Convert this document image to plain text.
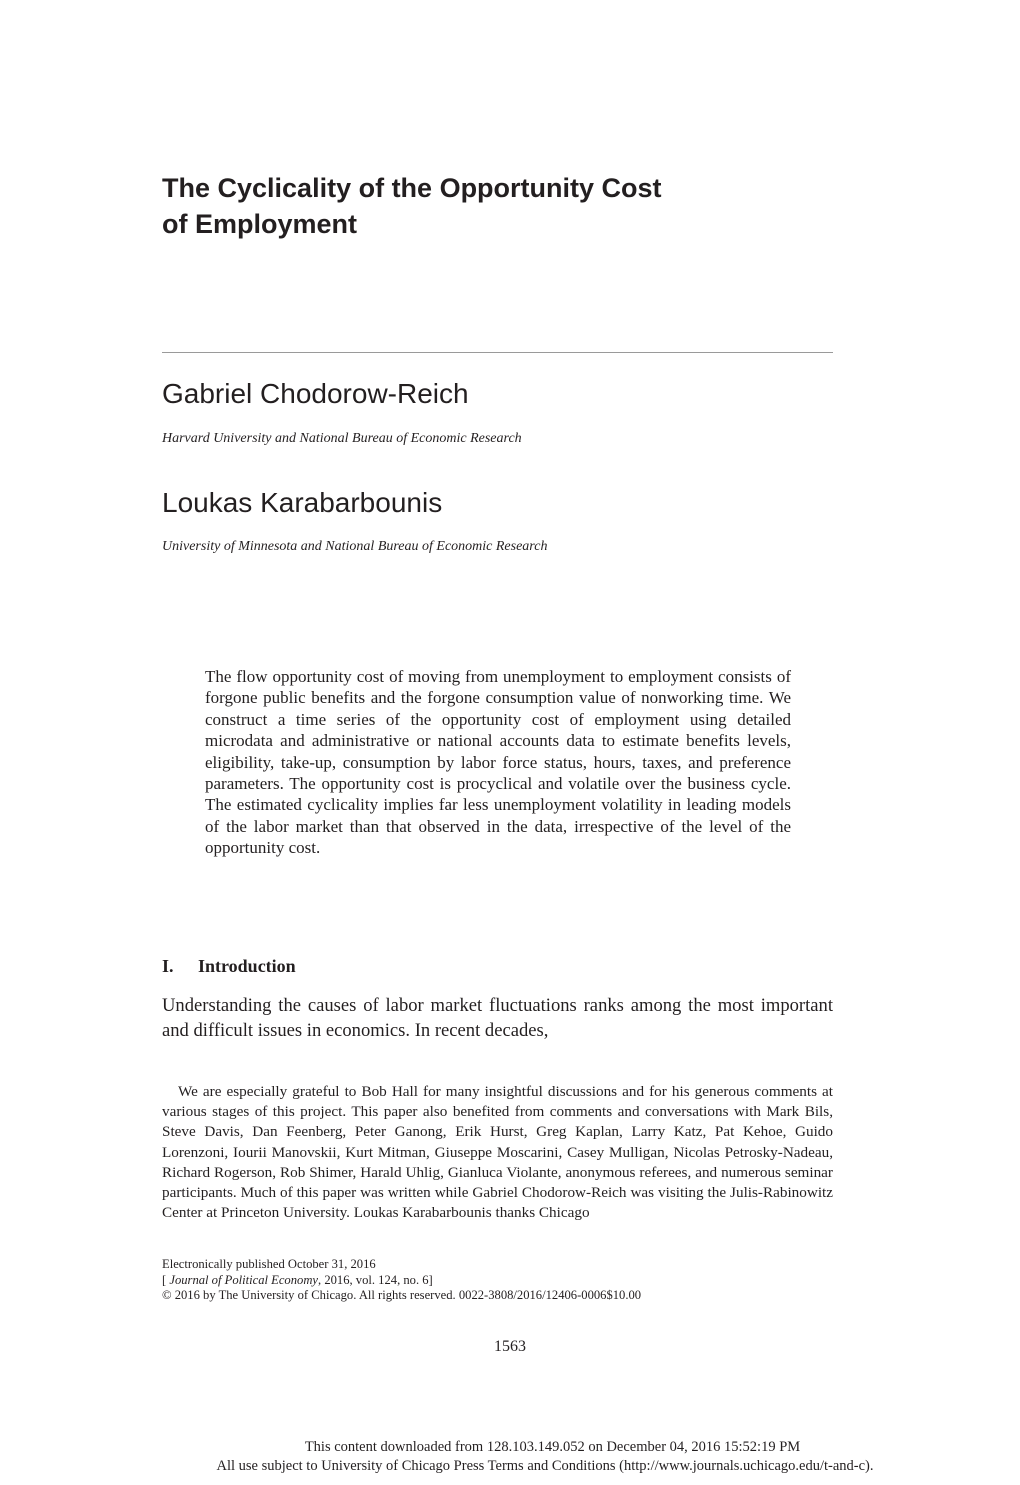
The Cyclicality of the Opportunity Cost
of Employment
Gabriel Chodorow-Reich
Harvard University and National Bureau of Economic Research
Loukas Karabarbounis
University of Minnesota and National Bureau of Economic Research

The flow opportunity cost of moving from unemployment to employment consists of forgone public benefits and the forgone consumption value of nonworking time. We construct a time series of the opportunity cost of employment using detailed microdata and administrative or national accounts data to estimate benefits levels, eligibility, take-up, consumption by labor force status, hours, taxes, and preference parameters. The opportunity cost is procyclical and volatile over the business cycle. The estimated cyclicality implies far less unemployment volatility in leading models of the labor market than that observed in the data, irrespective of the level of the opportunity cost.

I. Introduction

Understanding the causes of labor market fluctuations ranks among the most important and difficult issues in economics. In recent decades,

We are especially grateful to Bob Hall for many insightful discussions and for his generous comments at various stages of this project. This paper also benefited from comments and conversations with Mark Bils, Steve Davis, Dan Feenberg, Peter Ganong, Erik Hurst, Greg Kaplan, Larry Katz, Pat Kehoe, Guido Lorenzoni, Iourii Manovskii, Kurt Mitman, Giuseppe Moscarini, Casey Mulligan, Nicolas Petrosky-Nadeau, Richard Rogerson, Rob Shimer, Harald Uhlig, Gianluca Violante, anonymous referees, and numerous seminar participants. Much of this paper was written while Gabriel Chodorow-Reich was visiting the Julis-Rabinowitz Center at Princeton University. Loukas Karabarbounis thanks Chicago

Electronically published October 31, 2016
[ Journal of Political Economy, 2016, vol. 124, no. 6]
© 2016 by The University of Chicago. All rights reserved. 0022-3808/2016/12406-0006$10.00
1563
This content downloaded from 128.103.149.052 on December 04, 2016 15:52:19 PM
All use subject to University of Chicago Press Terms and Conditions (http://www.journals.uchicago.edu/t-and-c).
